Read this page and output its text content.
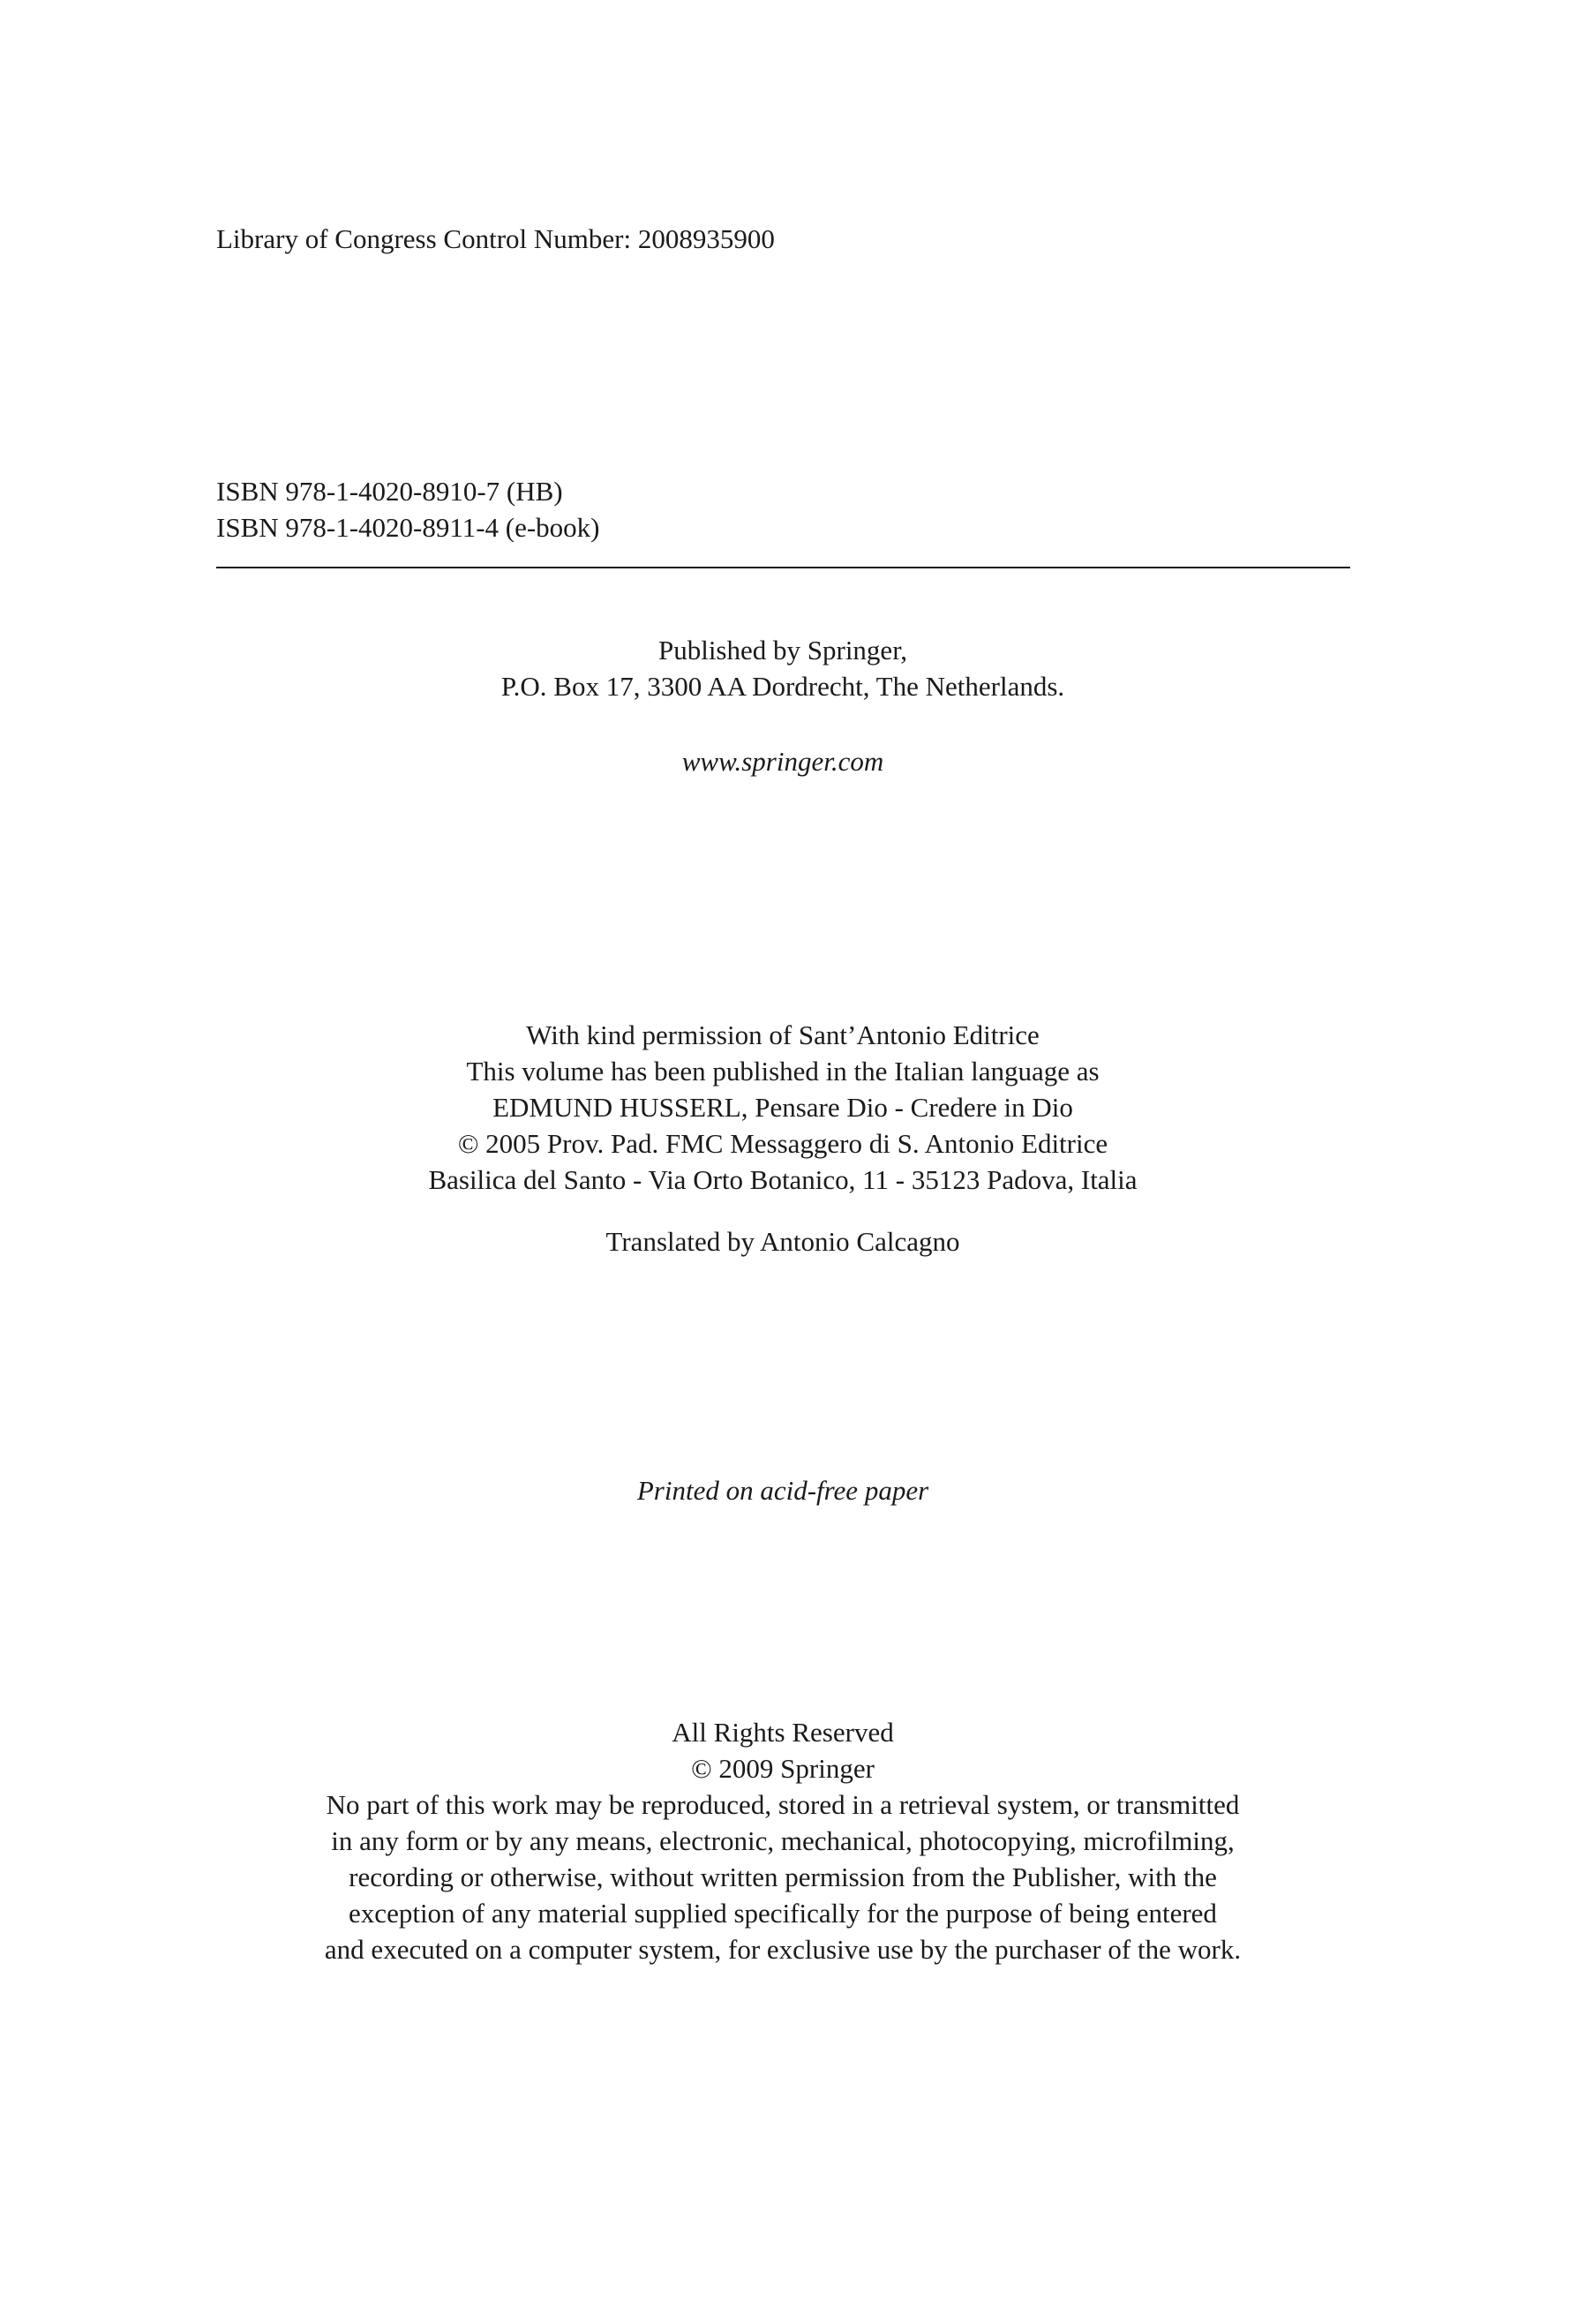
Library of Congress Control Number: 2008935900
ISBN 978-1-4020-8910-7 (HB)
ISBN 978-1-4020-8911-4 (e-book)
Published by Springer,
P.O. Box 17, 3300 AA Dordrecht, The Netherlands.
www.springer.com
With kind permission of Sant’Antonio Editrice
This volume has been published in the Italian language as
EDMUND HUSSERL, Pensare Dio - Credere in Dio
© 2005 Prov. Pad. FMC Messaggero di S. Antonio Editrice
Basilica del Santo - Via Orto Botanico, 11 - 35123 Padova, Italia
Translated by Antonio Calcagno
Printed on acid-free paper
All Rights Reserved
© 2009 Springer
No part of this work may be reproduced, stored in a retrieval system, or transmitted
in any form or by any means, electronic, mechanical, photocopying, microfilming,
recording or otherwise, without written permission from the Publisher, with the
exception of any material supplied specifically for the purpose of being entered
and executed on a computer system, for exclusive use by the purchaser of the work.
